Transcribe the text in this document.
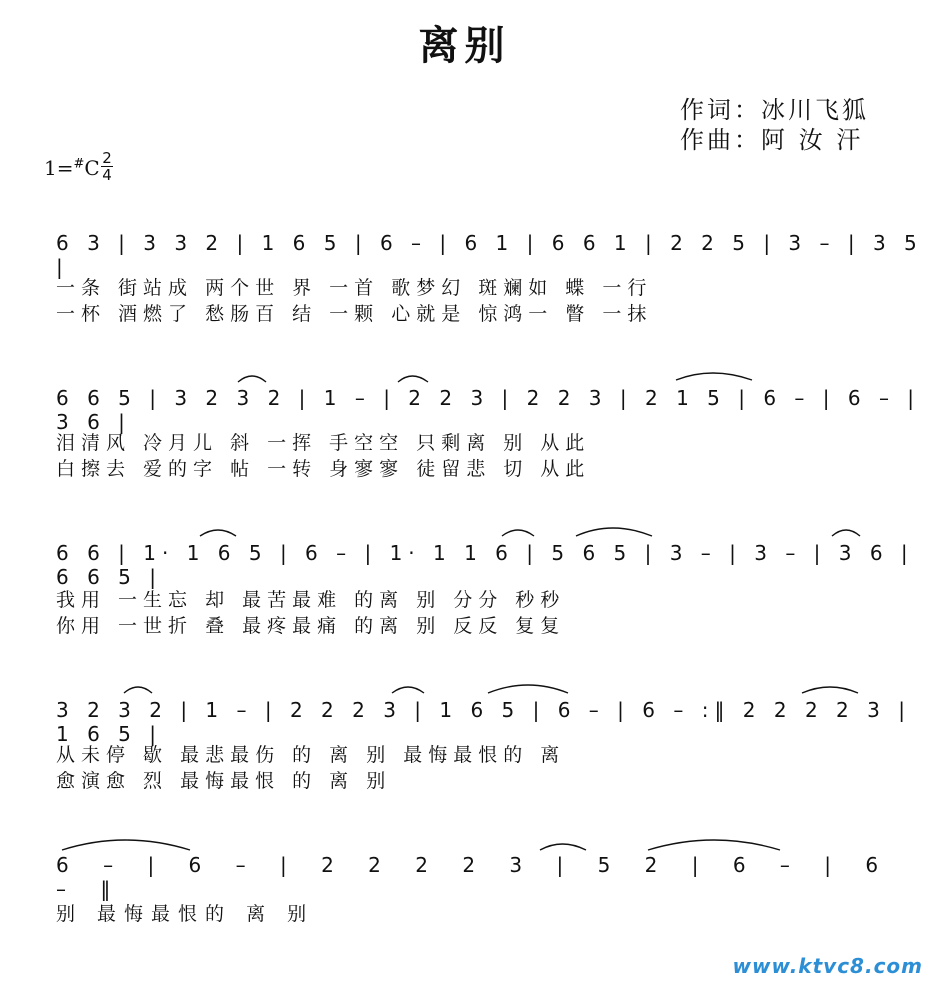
离别
作词：冰川飞狐
作曲：阿 汝 汗
1=#C 2
4
6 3 | 3 3 2 | 1 6 5 | 6 – | 6 1 | 6 6 1 | 2 2 5 | 3 – | 3 5 |
一条 街站成 两个世 界 一首 歌梦幻 斑斓如 蝶 一行
一杯 酒燃了 愁肠百 结 一颗 心就是 惊鸿一 瞥 一抹
6 6 5 | 3 2 3 2 | 1 – | 2 2 3 | 2 2 3 | 2 1 5 | 6 – | 6 – | 3 6 |
泪清风 冷月儿 斜 一挥 手空空 只剩离 别 从此
白擦去 爱的字 帖 一转 身寥寥 徒留悲 切 从此
6 6 | 1· 1 6 5 | 6 – | 1· 1 1 6 | 5 6 5 | 3 – | 3 – | 3 6 | 6 6 5 |
我用 一生忘 却 最苦最难 的离 别 分分 秒秒
你用 一世折 叠 最疼最痛 的离 别 反反 复复
3 2 3 2 | 1 – | 2 2 2 3 | 1 6 5 | 6 – | 6 – :‖ 2 2 2 2 3 | 1 6 5 |
从未停 歇 最悲最伤 的 离 别 最悔最恨的 离
愈演愈 烈 最悔最恨 的 离 别
6 – | 6 – | 2 2 2 2 3 | 5 2 | 6 – | 6 – ‖
别 最悔最恨的 离 别
www.ktvc8.com
